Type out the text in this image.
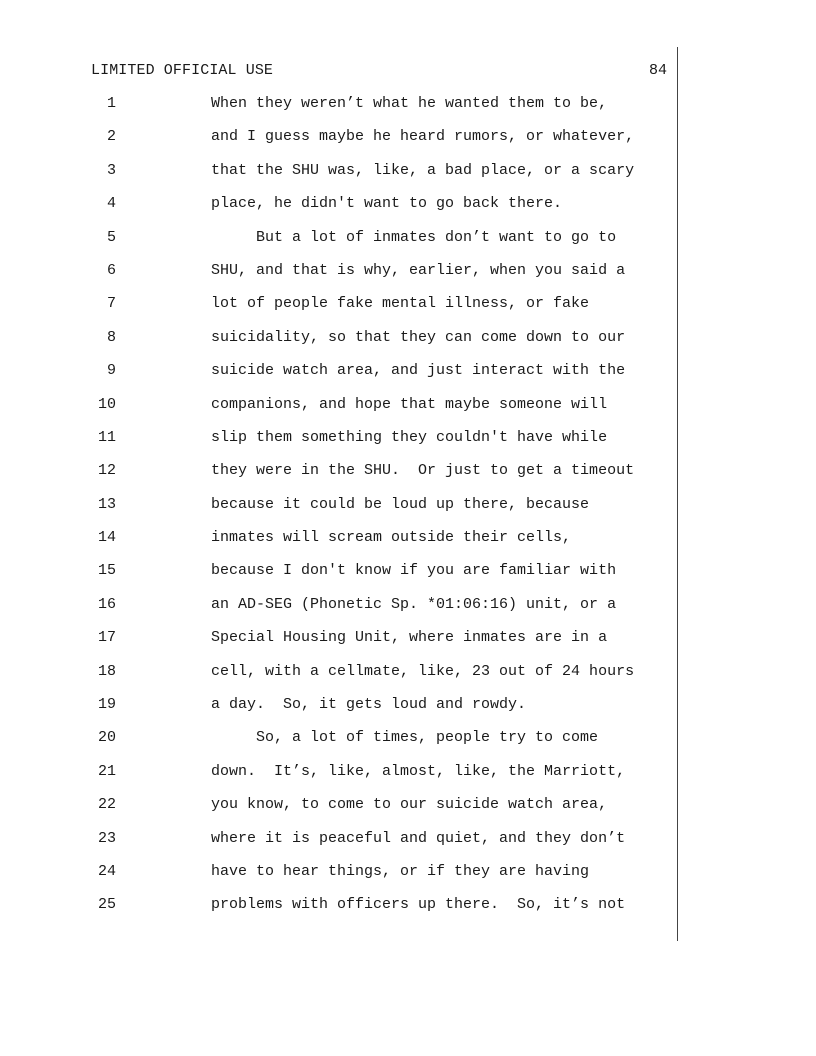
LIMITED OFFICIAL USE	84
1	When they weren’t what he wanted them to be,
2	and I guess maybe he heard rumors, or whatever,
3	that the SHU was, like, a bad place, or a scary
4	place, he didn't want to go back there.
5	But a lot of inmates don’t want to go to
6	SHU, and that is why, earlier, when you said a
7	lot of people fake mental illness, or fake
8	suicidality, so that they can come down to our
9	suicide watch area, and just interact with the
10	companions, and hope that maybe someone will
11	slip them something they couldn't have while
12	they were in the SHU.  Or just to get a timeout
13	because it could be loud up there, because
14	inmates will scream outside their cells,
15	because I don't know if you are familiar with
16	an AD-SEG (Phonetic Sp. *01:06:16) unit, or a
17	Special Housing Unit, where inmates are in a
18	cell, with a cellmate, like, 23 out of 24 hours
19	a day.  So, it gets loud and rowdy.
20	So, a lot of times, people try to come
21	down.  It’s, like, almost, like, the Marriott,
22	you know, to come to our suicide watch area,
23	where it is peaceful and quiet, and they don’t
24	have to hear things, or if they are having
25	problems with officers up there.  So, it’s not
